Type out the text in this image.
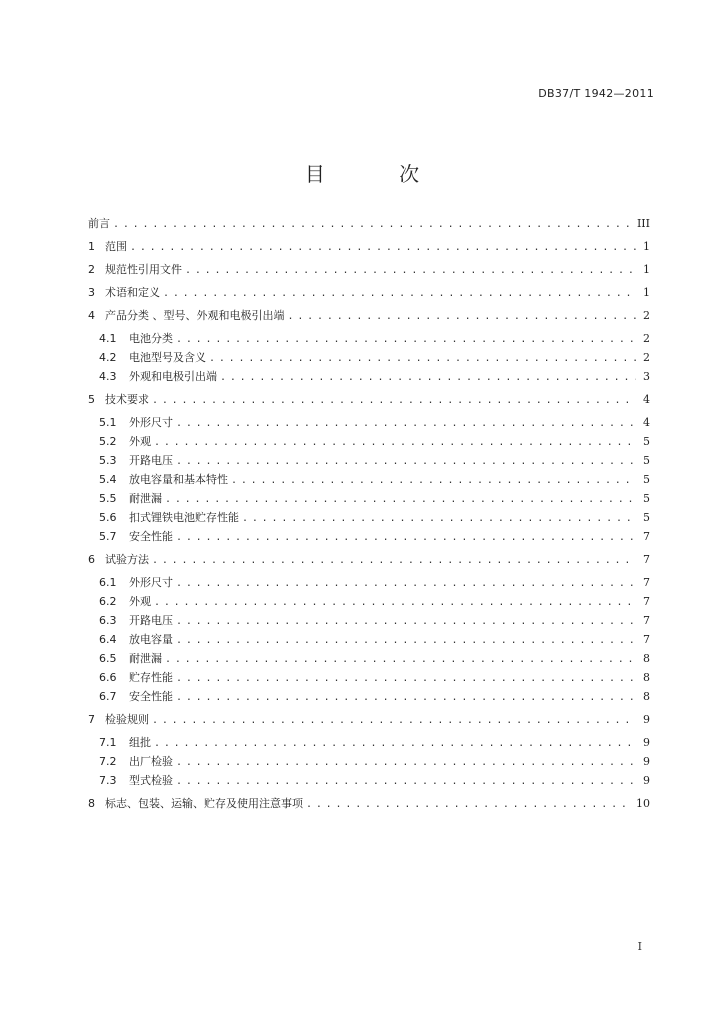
DB37/T 1942—2011
目 次
前言 . . .	III
1 范围 . . .	1
2 规范性引用文件 . . .	1
3 术语和定义 . . .	1
4 产品分类 、型号、外观和电极引出端 . . .	2
4.1	电池分类 . . .	2
4.2	电池型号及含义 . . .	2
4.3	外观和电极引出端 . . .	3
5 技术要求 . . .	4
5.1	外形尺寸 . . .	4
5.2	外观 . . .	5
5.3	开路电压 . . .	5
5.4	放电容量和基本特性 . . .	5
5.5	耐泄漏 . . .	5
5.6	扣式锂铁电池贮存性能 . . .	5
5.7	安全性能 . . .	7
6 试验方法 . . .	7
6.1	外形尺寸 . . .	7
6.2	外观 . . .	7
6.3	开路电压 . . .	7
6.4	放电容量 . . .	7
6.5	耐泄漏 . . .	8
6.6	贮存性能 . . .	8
6.7	安全性能 . . .	8
7 检验规则 . . .	9
7.1	组批 . . .	9
7.2	出厂检验 . . .	9
7.3	型式检验 . . .	9
8 标志、包装、运输、贮存及使用注意事项 . . .	10
I
